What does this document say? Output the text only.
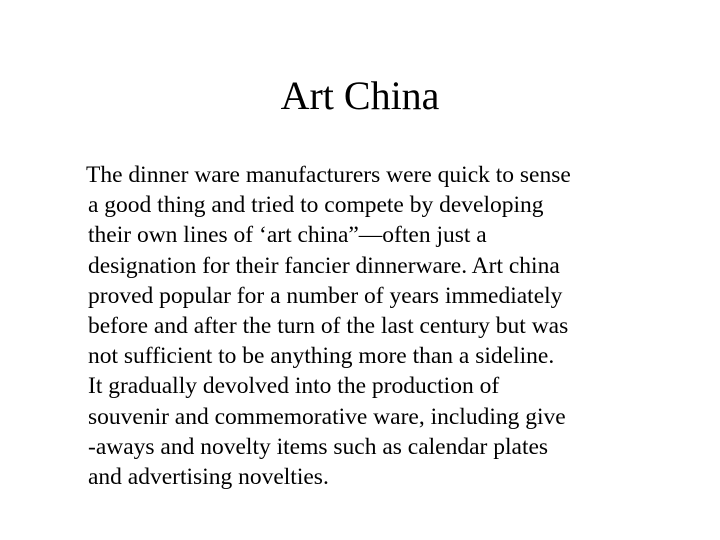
Art China
The dinner ware manufacturers were quick to sense
a good thing and tried to compete by developing
their own lines of ‘art china”—often just a
designation for their fancier dinnerware. Art china
proved popular for a number of years immediately
before and after the turn of the last century but was
not sufficient to be anything more than a sideline.
It gradually devolved into the production of
souvenir and commemorative ware, including give
-aways and novelty items such as calendar plates
and advertising novelties.
